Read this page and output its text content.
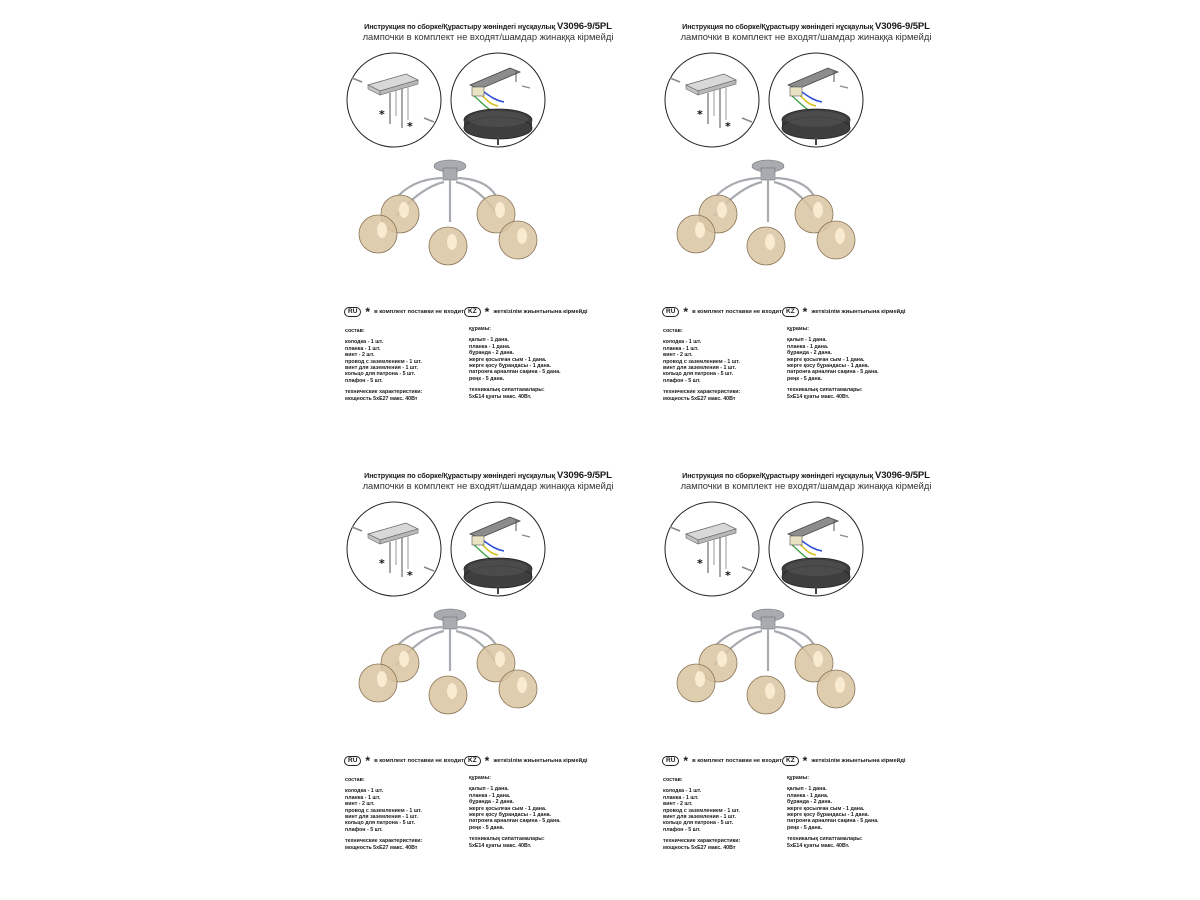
Инструкция по сборке/Құрастыру жөніндегі нұсқаулық V3096-9/5PL
лампочки в комплект не входят/шамдар жинаққа кірмейді
*
*
RU * в комплект поставки не входит KZ * жеткізілім жиынтығына кірмейді
состав:
колодка - 1 шт.
планка - 1 шт.
винт - 2 шт.
провод с заземлением - 1 шт.
винт для заземления - 1 шт.
кольцо для патрона - 5 шт.
плафон - 5 шт.
технические характеристики:
мощность 5xE27 макс. 40Вт
құрамы:
қалып - 1 дана.
планка - 1 дана.
бұранда - 2 дана.
жерге қосылған сым - 1 дана.
жерге қосу бұрандасы - 1 дана.
патронға арналған сақина - 5 дана.
реңк - 5 дана.
техникалық сипаттамалары:
5xE14 қуаты макс. 40Вт.
Инструкция по сборке/Құрастыру жөніндегі нұсқаулық V3096-9/5PL
лампочки в комплект не входят/шамдар жинаққа кірмейді
*
*
RU * в комплект поставки не входит KZ * жеткізілім жиынтығына кірмейді
состав:
колодка - 1 шт.
планка - 1 шт.
винт - 2 шт.
провод с заземлением - 1 шт.
винт для заземления - 1 шт.
кольцо для патрона - 5 шт.
плафон - 5 шт.
технические характеристики:
мощность 5xE27 макс. 40Вт
құрамы:
қалып - 1 дана.
планка - 1 дана.
бұранда - 2 дана.
жерге қосылған сым - 1 дана.
жерге қосу бұрандасы - 1 дана.
патронға арналған сақина - 5 дана.
реңк - 5 дана.
техникалық сипаттамалары:
5xE14 қуаты макс. 40Вт.
Инструкция по сборке/Құрастыру жөніндегі нұсқаулық V3096-9/5PL
лампочки в комплект не входят/шамдар жинаққа кірмейді
*
*
RU * в комплект поставки не входит KZ * жеткізілім жиынтығына кірмейді
состав:
колодка - 1 шт.
планка - 1 шт.
винт - 2 шт.
провод с заземлением - 1 шт.
винт для заземления - 1 шт.
кольцо для патрона - 5 шт.
плафон - 5 шт.
технические характеристики:
мощность 5xE27 макс. 40Вт
құрамы:
қалып - 1 дана.
планка - 1 дана.
бұранда - 2 дана.
жерге қосылған сым - 1 дана.
жерге қосу бұрандасы - 1 дана.
патронға арналған сақина - 5 дана.
реңк - 5 дана.
техникалық сипаттамалары:
5xE14 қуаты макс. 40Вт.
Инструкция по сборке/Құрастыру жөніндегі нұсқаулық V3096-9/5PL
лампочки в комплект не входят/шамдар жинаққа кірмейді
*
*
RU * в комплект поставки не входит KZ * жеткізілім жиынтығына кірмейді
состав:
колодка - 1 шт.
планка - 1 шт.
винт - 2 шт.
провод с заземлением - 1 шт.
винт для заземления - 1 шт.
кольцо для патрона - 5 шт.
плафон - 5 шт.
технические характеристики:
мощность 5xE27 макс. 40Вт
құрамы:
қалып - 1 дана.
планка - 1 дана.
бұранда - 2 дана.
жерге қосылған сым - 1 дана.
жерге қосу бұрандасы - 1 дана.
патронға арналған сақина - 5 дана.
реңк - 5 дана.
техникалық сипаттамалары:
5xE14 қуаты макс. 40Вт.
